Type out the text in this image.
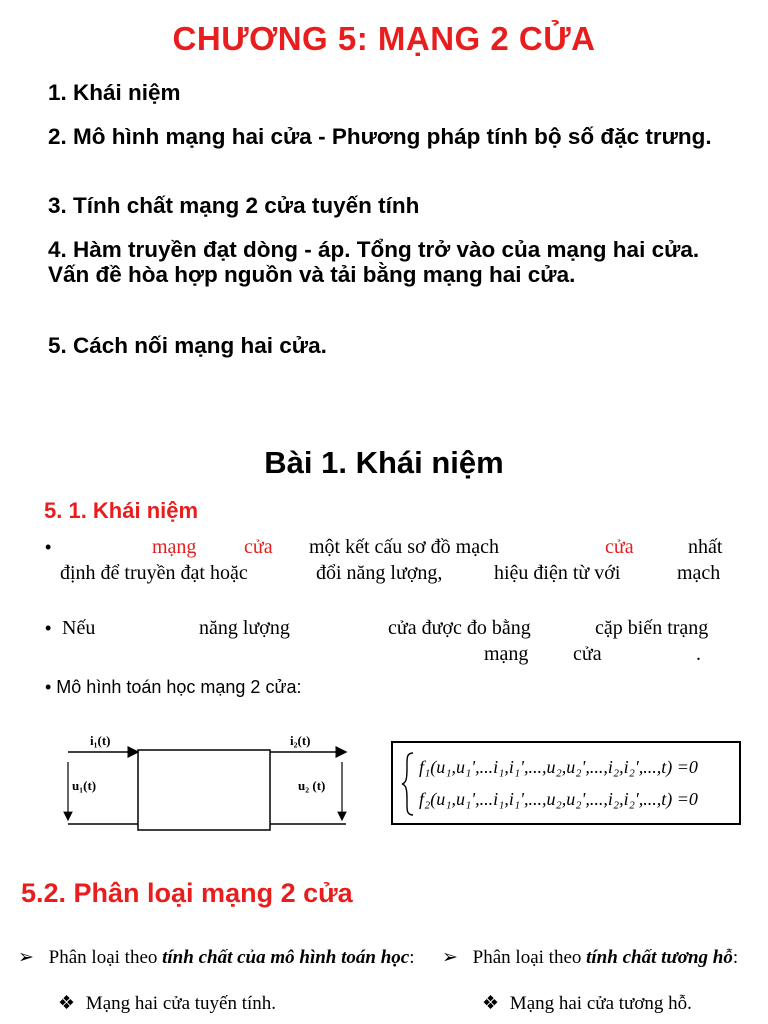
CHƯƠNG 5: MẠNG 2 CỬA
1. Khái niệm
2. Mô hình mạng hai cửa - Phương pháp tính bộ số đặc trưng.
3. Tính chất mạng 2 cửa tuyến tính
4. Hàm truyền đạt dòng - áp. Tổng trở vào của mạng hai cửa. Vấn đề hòa hợp nguồn và tải bằng mạng hai cửa.
5. Cách nối mạng hai cửa.
Bài 1. Khái niệm
5. 1. Khái niệm
•	mạng cửa một kết cấu sơ đồ mạch	cửa	nhất
định để truyền đạt hoặc	đổi năng lượng,	hiệu điện từ với	mạch
• Nếu	năng lượng	cửa được đo bằng	cặp biến trạng
mạng cửa	.
• Mô hình toán học mạng 2 cửa:
i₁(t)	i₂(t)
u₁(t)	u₂ (t)
f₁(u₁,u₁',...i₁,i₁',...,u₂,u₂',...,i₂,i₂',...,t) =0
f₂(u₁,u₁',...i₁,i₁',...,u₂,u₂',...,i₂,i₂',...,t) =0
5.2. Phân loại mạng 2 cửa
➢ Phân loại theo tính chất của mô hình toán học: ➢ Phân loại theo tính chất tương hỗ:
❖ Mạng hai cửa tuyến tính.	❖ Mạng hai cửa tương hỗ.
